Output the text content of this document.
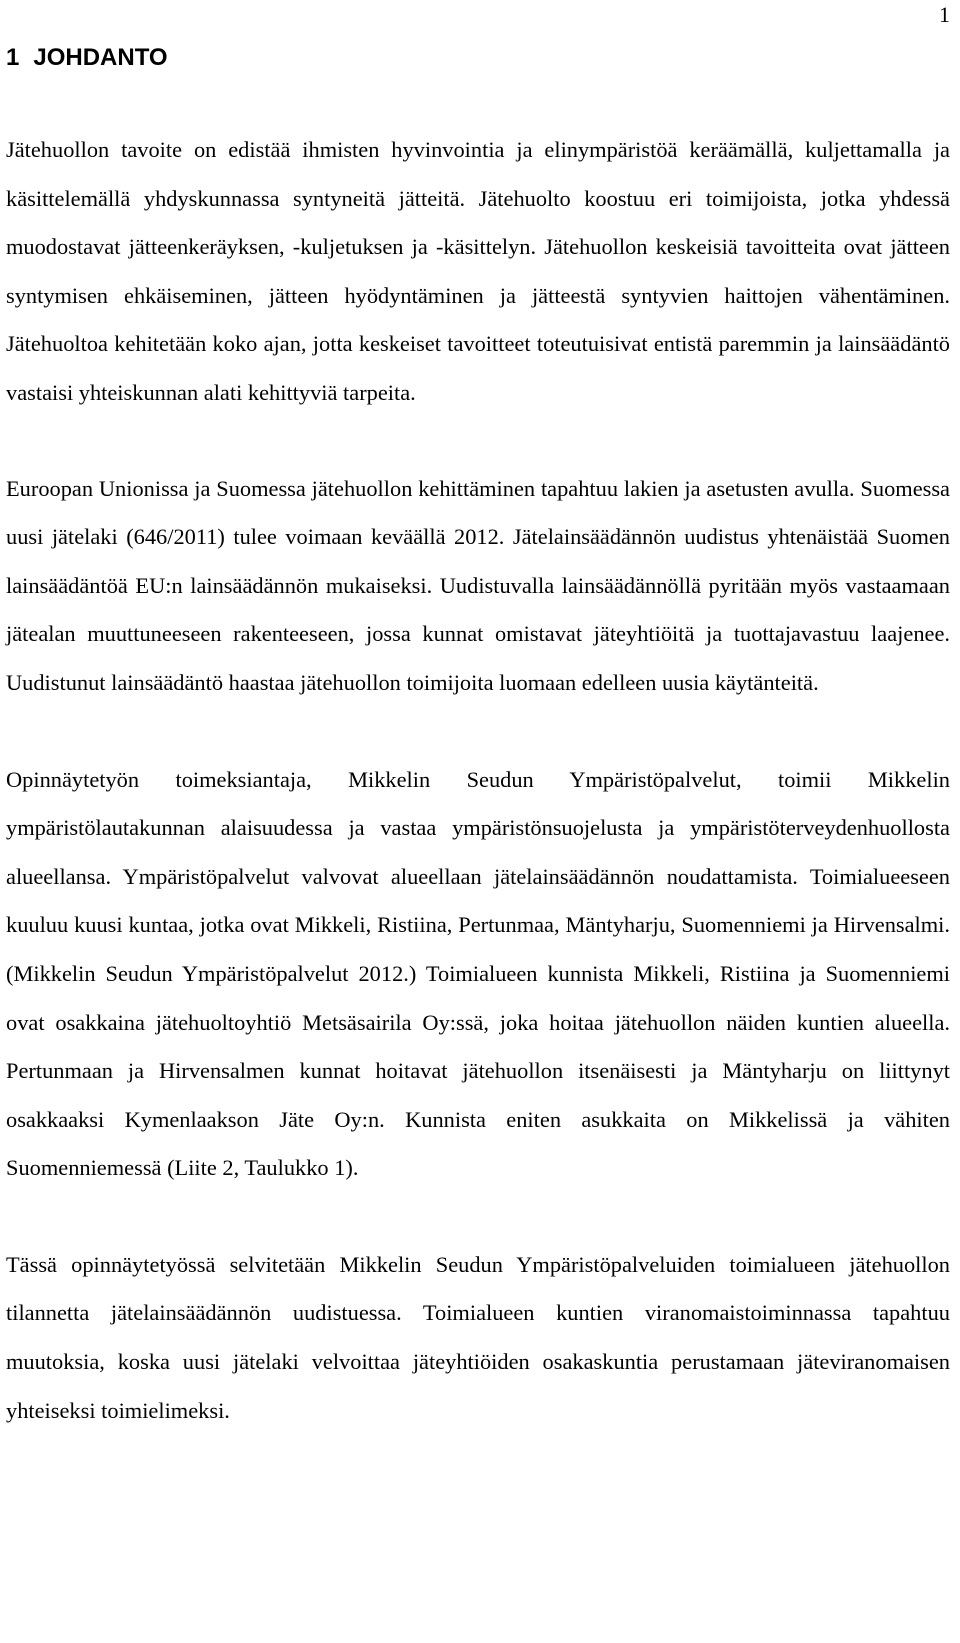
1
1 JOHDANTO

Jätehuollon tavoite on edistää ihmisten hyvinvointia ja elinympäristöä keräämällä, kuljettamalla ja käsittelemällä yhdyskunnassa syntyneitä jätteitä. Jätehuolto koostuu eri toimijoista, jotka yhdessä muodostavat jätteenkeräyksen, -kuljetuksen ja -käsittelyn. Jätehuollon keskeisiä tavoitteita ovat jätteen syntymisen ehkäiseminen, jätteen hyödyntäminen ja jätteestä syntyvien haittojen vähentäminen. Jätehuoltoa kehitetään koko ajan, jotta keskeiset tavoitteet toteutuisivat entistä paremmin ja lainsäädäntö vastaisi yhteiskunnan alati kehittyviä tarpeita.

Euroopan Unionissa ja Suomessa jätehuollon kehittäminen tapahtuu lakien ja asetusten avulla. Suomessa uusi jätelaki (646/2011) tulee voimaan keväällä 2012. Jätelainsäädännön uudistus yhtenäistää Suomen lainsäädäntöä EU:n lainsäädännön mukaiseksi. Uudistuvalla lainsäädännöllä pyritään myös vastaamaan jätealan muuttuneeseen rakenteeseen, jossa kunnat omistavat jäteyhtiöitä ja tuottajavastuu laajenee. Uudistunut lainsäädäntö haastaa jätehuollon toimijoita luomaan edelleen uusia käytänteitä.

Opinnäytetyön toimeksiantaja, Mikkelin Seudun Ympäristöpalvelut, toimii Mikkelin ympäristölautakunnan alaisuudessa ja vastaa ympäristönsuojelusta ja ympäristöterveydenhuollosta alueellansa. Ympäristöpalvelut valvovat alueellaan jätelainsäädännön noudattamista. Toimialueeseen kuuluu kuusi kuntaa, jotka ovat Mikkeli, Ristiina, Pertunmaa, Mäntyharju, Suomenniemi ja Hirvensalmi. (Mikkelin Seudun Ympäristöpalvelut 2012.) Toimialueen kunnista Mikkeli, Ristiina ja Suomenniemi ovat osakkaina jätehuoltoyhtiö Metsäsairila Oy:ssä, joka hoitaa jätehuollon näiden kuntien alueella. Pertunmaan ja Hirvensalmen kunnat hoitavat jätehuollon itsenäisesti ja Mäntyharju on liittynyt osakkaaksi Kymenlaakson Jäte Oy:n. Kunnista eniten asukkaita on Mikkelissä ja vähiten Suomenniemessä (Liite 2, Taulukko 1).

Tässä opinnäytetyössä selvitetään Mikkelin Seudun Ympäristöpalveluiden toimialueen jätehuollon tilannetta jätelainsäädännön uudistuessa. Toimialueen kuntien viranomaistoiminnassa tapahtuu muutoksia, koska uusi jätelaki velvoittaa jäteyhtiöiden osakaskuntia perustamaan jäteviranomaisen yhteiseksi toimielimeksi.
